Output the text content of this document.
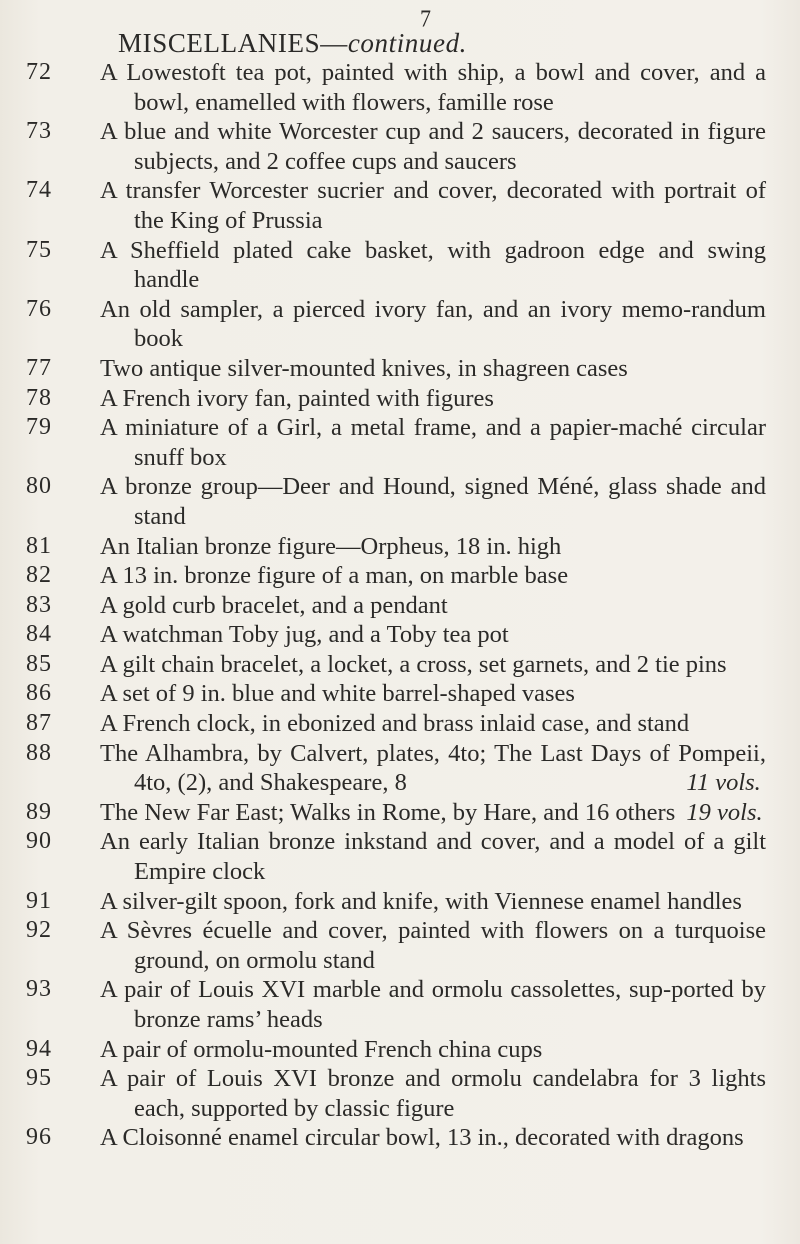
7
MISCELLANIES—continued.
72	A Lowestoft tea pot, painted with ship, a bowl and cover, and a bowl, enamelled with flowers, famille rose
73	A blue and white Worcester cup and 2 saucers, decorated in figure subjects, and 2 coffee cups and saucers
74	A transfer Worcester sucrier and cover, decorated with portrait of the King of Prussia
75	A Sheffield plated cake basket, with gadroon edge and swing handle
76	An old sampler, a pierced ivory fan, and an ivory memo-randum book
77	Two antique silver-mounted knives, in shagreen cases
78	A French ivory fan, painted with figures
79	A miniature of a Girl, a metal frame, and a papier-maché circular snuff box
80	A bronze group—Deer and Hound, signed Méné, glass shade and stand
81	An Italian bronze figure—Orpheus, 18 in. high
82	A 13 in. bronze figure of a man, on marble base
83	A gold curb bracelet, and a pendant
84	A watchman Toby jug, and a Toby tea pot
85	A gilt chain bracelet, a locket, a cross, set garnets, and 2 tie pins
86	A set of 9 in. blue and white barrel-shaped vases
87	A French clock, in ebonized and brass inlaid case, and stand
88	The Alhambra, by Calvert, plates, 4to; The Last Days of Pompeii, 4to, (2), and Shakespeare, 8	11 vols.
89	The New Far East; Walks in Rome, by Hare, and 16 others 19 vols.
90	An early Italian bronze inkstand and cover, and a model of a gilt Empire clock
91	A silver-gilt spoon, fork and knife, with Viennese enamel handles
92	A Sèvres écuelle and cover, painted with flowers on a turquoise ground, on ormolu stand
93	A pair of Louis XVI marble and ormolu cassolettes, sup-ported by bronze rams’ heads
94	A pair of ormolu-mounted French china cups
95	A pair of Louis XVI bronze and ormolu candelabra for 3 lights each, supported by classic figure
96	A Cloisonné enamel circular bowl, 13 in., decorated with dragons
